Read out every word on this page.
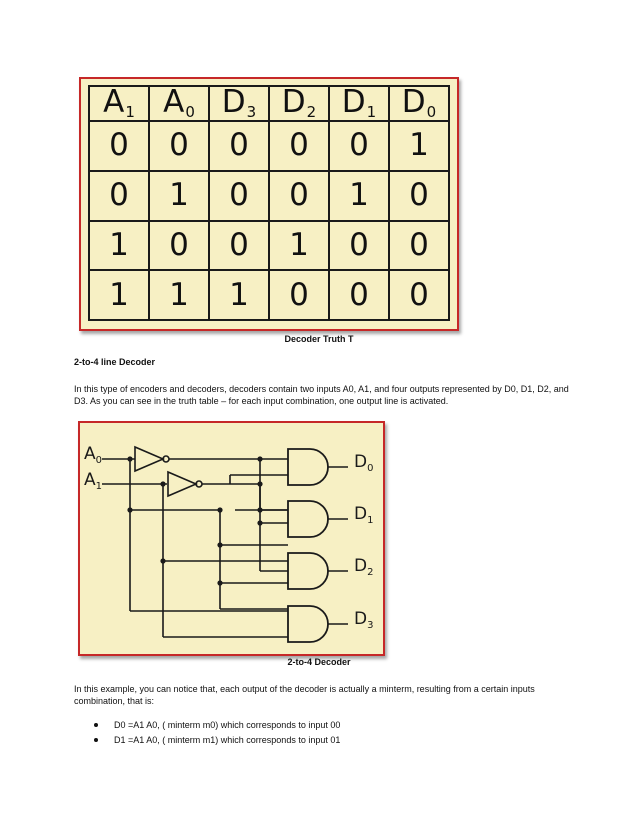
$A_1$	$A_0$	$D_3$	$D_2$	$D_1$	$D_0$
0	0	0	0	0	1
0	1	0	0	1	0
1	0	0	1	0	0
1	1	1	0	0	0
Decoder Truth T
2-to-4 line Decoder
In this type of encoders and decoders, decoders contain two inputs A0, A1, and four outputs represented by D0, D1, D2, and D3. As you can see in the truth table – for each input combination, one output line is activated.
$A_0$
$A_1$
$D_0$
$D_1$
$D_2$
$D_3$
2-to-4 Decoder
In this example, you can notice that, each output of the decoder is actually a minterm, resulting from a certain inputs combination, that is:
D0 =A1 A0, ( minterm m0) which corresponds to input 00
D1 =A1 A0, ( minterm m1) which corresponds to input 01
